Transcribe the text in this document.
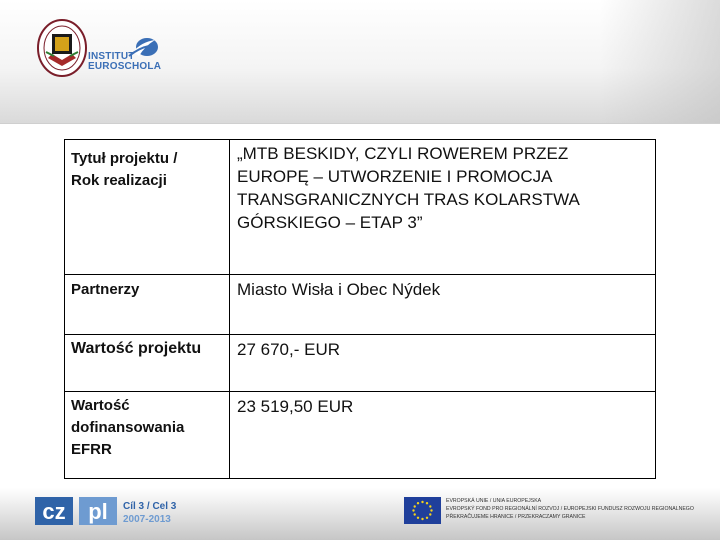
INSTITUT
EUROSCHOLA
Tytuł projektu /
Rok realizacji	„MTB BESKIDY, CZYLI ROWEREM PRZEZ
EUROPĘ – UTWORZENIE I PROMOCJA
TRANSGRANICZNYCH TRAS KOLARSTWA
GÓRSKIEGO – ETAP 3”

Partnerzy	Miasto Wisła i Obec Nýdek

Wartość projektu	27 670,- EUR

Wartość
dofinansowania
EFRR	23 519,50 EUR
cz pl Cíl 3 / Cel 3
2007-2013
EVROPSKÁ UNIE / UNIA EUROPEJSKA
EVROPSKÝ FOND PRO REGIONÁLNÍ ROZVOJ / EUROPEJSKI FUNDUSZ ROZWOJU REGIONALNEGO
PŘEKRAČUJEME HRANICE / PRZEKRACZAMY GRANICE
